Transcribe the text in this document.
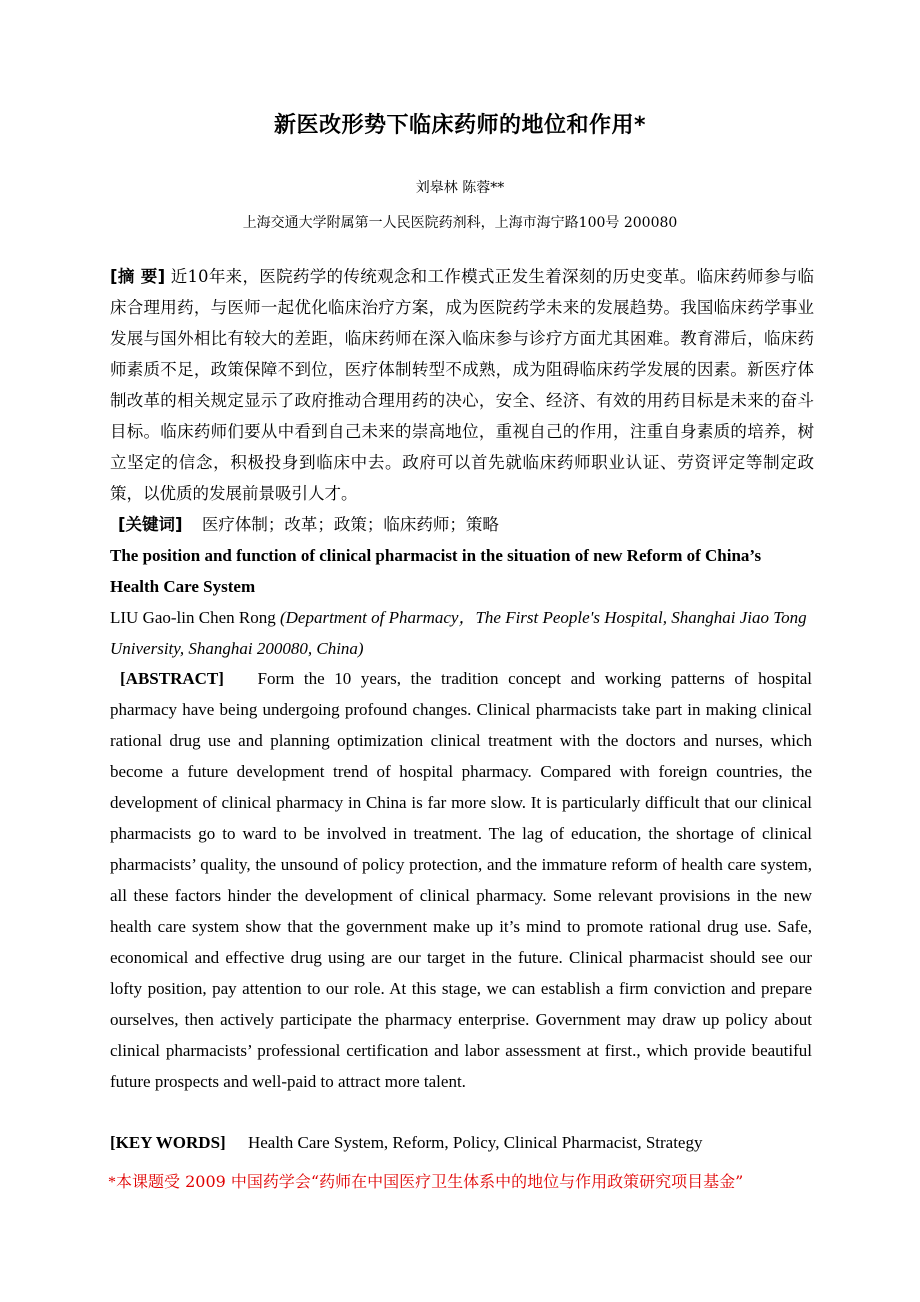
新医改形势下临床药师的地位和作用*
刘皋林 陈蓉**
上海交通大学附属第一人民医院药剂科，上海市海宁路100号 200080
[摘 要] 近10年来，医院药学的传统观念和工作模式正发生着深刻的历史变革。临床药师参与临床合理用药，与医师一起优化临床治疗方案，成为医院药学未来的发展趋势。我国临床药学事业发展与国外相比有较大的差距，临床药师在深入临床参与诊疗方面尤其困难。教育滞后，临床药师素质不足，政策保障不到位，医疗体制转型不成熟，成为阻碍临床药学发展的因素。新医疗体制改革的相关规定显示了政府推动合理用药的决心，安全、经济、有效的用药目标是未来的奋斗目标。临床药师们要从中看到自己未来的崇高地位，重视自己的作用，注重自身素质的培养，树立坚定的信念，积极投身到临床中去。政府可以首先就临床药师职业认证、劳资评定等制定政策，以优质的发展前景吸引人才。
[关键词] 医疗体制；改革；政策；临床药师；策略
The position and function of clinical pharmacist in the situation of new Reform of China’s Health Care System
LIU Gao-lin Chen Rong (Department of Pharmacy，The First People's Hospital, Shanghai Jiao Tong University, Shanghai 200080, China)
[ABSTRACT] Form the 10 years, the tradition concept and working patterns of hospital pharmacy have being undergoing profound changes. Clinical pharmacists take part in making clinical rational drug use and planning optimization clinical treatment with the doctors and nurses, which become a future development trend of hospital pharmacy. Compared with foreign countries, the development of clinical pharmacy in China is far more slow. It is particularly difficult that our clinical pharmacists go to ward to be involved in treatment. The lag of education, the shortage of clinical pharmacists’ quality, the unsound of policy protection, and the immature reform of health care system, all these factors hinder the development of clinical pharmacy. Some relevant provisions in the new health care system show that the government make up it’s mind to promote rational drug use. Safe, economical and effective drug using are our target in the future. Clinical pharmacist should see our lofty position, pay attention to our role. At this stage, we can establish a firm conviction and prepare ourselves, then actively participate the pharmacy enterprise. Government may draw up policy about clinical pharmacists’ professional certification and labor assessment at first., which provide beautiful future prospects and well-paid to attract more talent.
[KEY WORDS] Health Care System, Reform, Policy, Clinical Pharmacist, Strategy
*本课题受 2009 中国药学会“药师在中国医疗卫生体系中的地位与作用政策研究项目基金”
